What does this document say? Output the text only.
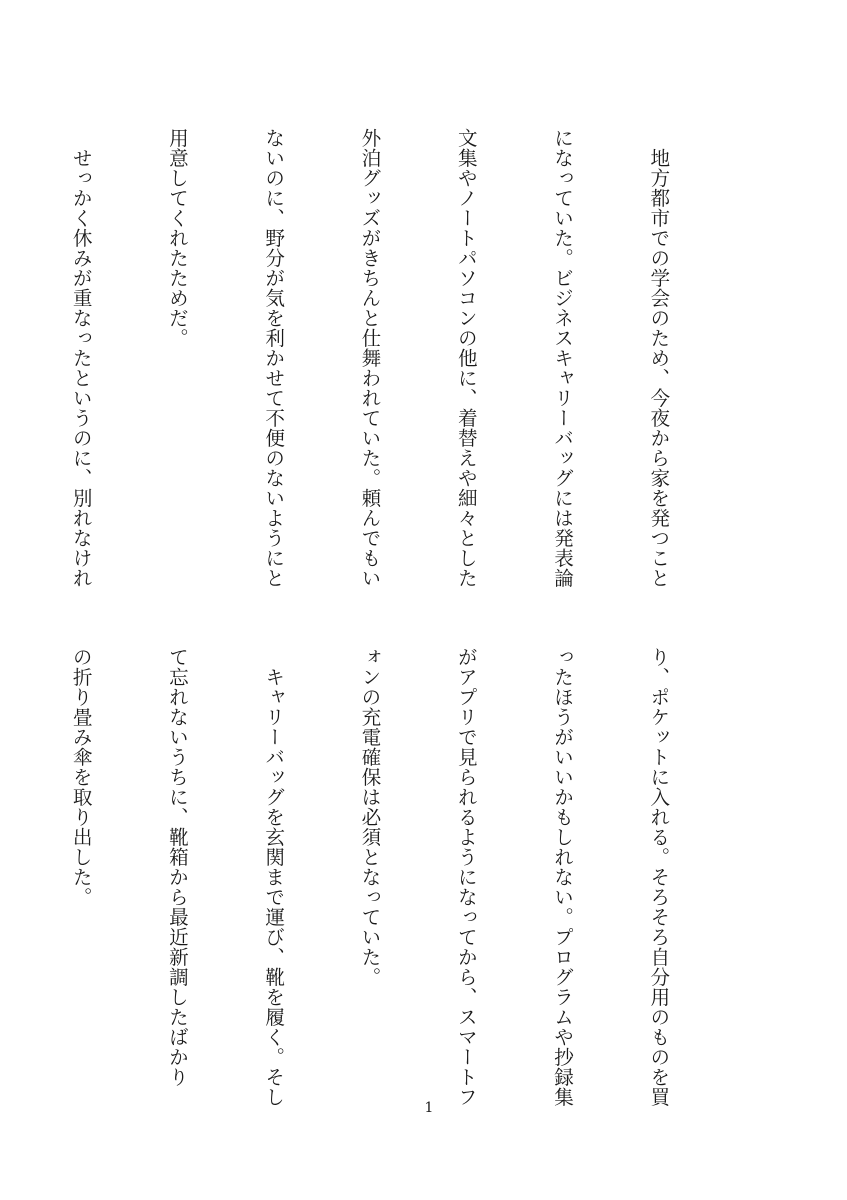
　地方都市での学会のため、今夜から家を発つこと

になっていた。ビジネスキャリーバッグには発表論

文集やノートパソコンの他に、着替えや細々とした

外泊グッズがきちんと仕舞われていた。頼んでもい

ないのに、野分が気を利かせて不便のないようにと

用意してくれたためだ。

　せっかく休みが重なったというのに、別れなけれ

り、ポケットに入れる。そろそろ自分用のものを買

ったほうがいいかもしれない。プログラムや抄録集

がアプリで見られるようになってから、スマートフ

ォンの充電確保は必須となっていた。

　キャリーバッグを玄関まで運び、靴を履く。そし

て忘れないうちに、靴箱から最近新調したばかり

の折り畳み傘を取り出した。

1
